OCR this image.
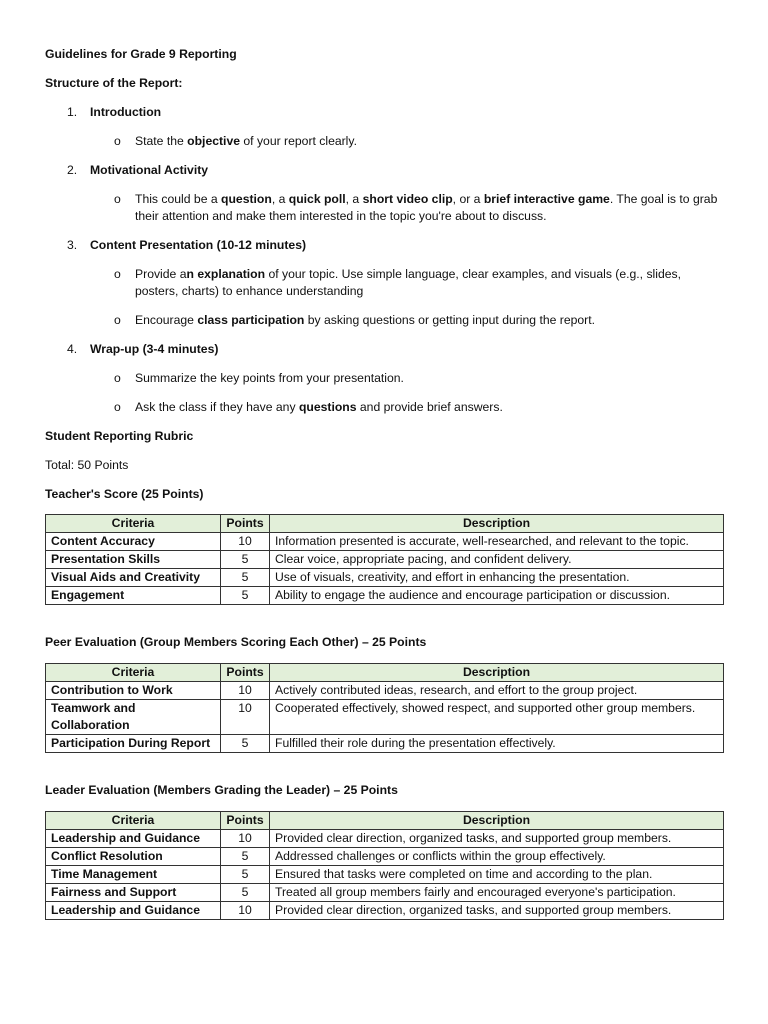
Guidelines for Grade 9 Reporting

Structure of the Report:

1. Introduction
o State the objective of your report clearly.
2. Motivational Activity
o This could be a question, a quick poll, a short video clip, or a brief interactive game. The goal is to grab their attention and make them interested in the topic you're about to discuss.
3. Content Presentation (10-12 minutes)
o Provide an explanation of your topic. Use simple language, clear examples, and visuals (e.g., slides, posters, charts) to enhance understanding
o Encourage class participation by asking questions or getting input during the report.
4. Wrap-up (3-4 minutes)
o Summarize the key points from your presentation.
o Ask the class if they have any questions and provide brief answers.

Student Reporting Rubric

Total: 50 Points

Teacher's Score (25 Points)

Criteria	Points	Description
Content Accuracy	10	Information presented is accurate, well-researched, and relevant to the topic.
Presentation Skills	5	Clear voice, appropriate pacing, and confident delivery.
Visual Aids and Creativity	5	Use of visuals, creativity, and effort in enhancing the presentation.
Engagement	5	Ability to engage the audience and encourage participation or discussion.

Peer Evaluation (Group Members Scoring Each Other) – 25 Points

Criteria	Points	Description
Contribution to Work	10	Actively contributed ideas, research, and effort to the group project.
Teamwork and Collaboration	10	Cooperated effectively, showed respect, and supported other group members.
Participation During Report	5	Fulfilled their role during the presentation effectively.

Leader Evaluation (Members Grading the Leader) – 25 Points

Criteria	Points	Description
Leadership and Guidance	10	Provided clear direction, organized tasks, and supported group members.
Conflict Resolution	5	Addressed challenges or conflicts within the group effectively.
Time Management	5	Ensured that tasks were completed on time and according to the plan.
Fairness and Support	5	Treated all group members fairly and encouraged everyone's participation.
Leadership and Guidance	10	Provided clear direction, organized tasks, and supported group members.
